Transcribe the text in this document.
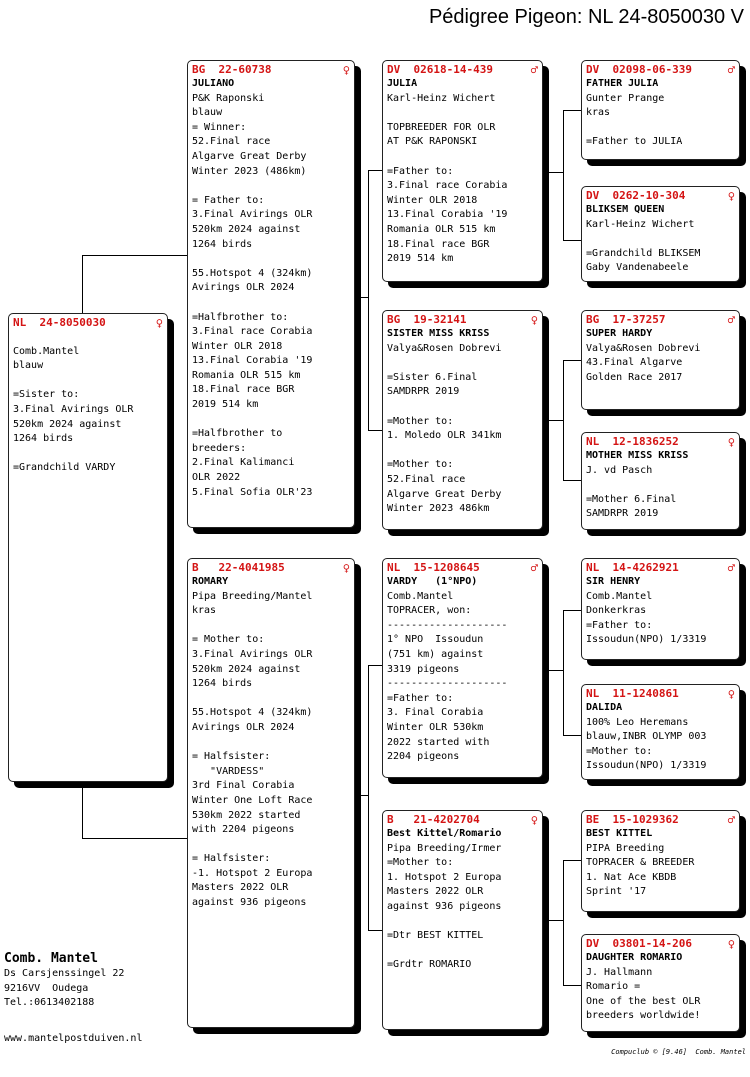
Pédigree Pigeon: NL 24-8050030 V
NL  24-8050030	♀
Comb.Mantel
blauw
=Sister to:
3.Final Avirings OLR
520km 2024 against
1264 birds
=Grandchild VARDY
BG  22-60738	♀
JULIANO
P&K Raponski
blauw
= Winner:
52.Final race
Algarve Great Derby
Winter 2023 (486km)
= Father to:
3.Final Avirings OLR
520km 2024 against
1264 birds
55.Hotspot 4 (324km)
Avirings OLR 2024
=Halfbrother to:
3.Final race Corabia
Winter OLR 2018
13.Final Corabia '19
Romania OLR 515 km
18.Final race BGR
2019 514 km
=Halfbrother to
breeders:
2.Final Kalimanci
OLR 2022
5.Final Sofia OLR'23
B   22-4041985	♀
ROMARY
Pipa Breeding/Mantel
kras
= Mother to:
3.Final Avirings OLR
520km 2024 against
1264 birds
55.Hotspot 4 (324km)
Avirings OLR 2024
= Halfsister:
"VARDESS"
3rd Final Corabia
Winter One Loft Race
530km 2022 started
with 2204 pigeons
= Halfsister:
-1. Hotspot 2 Europa
Masters 2022 OLR
against 936 pigeons
DV  02618-14-439	♂
JULIA
Karl-Heinz Wichert
TOPBREEDER FOR OLR
AT P&K RAPONSKI
=Father to:
3.Final race Corabia
Winter OLR 2018
13.Final Corabia '19
Romania OLR 515 km
18.Final race BGR
2019 514 km
BG  19-32141	♀
SISTER MISS KRISS
Valya&Rosen Dobrevi
=Sister 6.Final
SAMDRPR 2019
=Mother to:
1. Moledo OLR 341km
=Mother to:
52.Final race
Algarve Great Derby
Winter 2023 486km
NL  15-1208645	♂
VARDY   (1°NPO)
Comb.Mantel
TOPRACER, won:
--------------------
1° NPO  Issoudun
(751 km) against
3319 pigeons
--------------------
=Father to:
3. Final Corabia
Winter OLR 530km
2022 started with
2204 pigeons
B   21-4202704	♀
Best Kittel/Romario
Pipa Breeding/Irmer
=Mother to:
1. Hotspot 2 Europa
Masters 2022 OLR
against 936 pigeons
=Dtr BEST KITTEL
=Grdtr ROMARIO
DV  02098-06-339	♂
FATHER JULIA
Gunter Prange
kras
=Father to JULIA
DV  0262-10-304	♀
BLIKSEM QUEEN
Karl-Heinz Wichert
=Grandchild BLIKSEM
Gaby Vandenabeele
BG  17-37257	♂
SUPER HARDY
Valya&Rosen Dobrevi
43.Final Algarve
Golden Race 2017
NL  12-1836252	♀
MOTHER MISS KRISS
J. vd Pasch
=Mother 6.Final
SAMDRPR 2019
NL  14-4262921	♂
SIR HENRY
Comb.Mantel
Donkerkras
=Father to:
Issoudun(NPO) 1/3319
NL  11-1240861	♀
DALIDA
100% Leo Heremans
blauw,INBR OLYMP 003
=Mother to:
Issoudun(NPO) 1/3319
BE  15-1029362	♂
BEST KITTEL
PIPA Breeding
TOPRACER & BREEDER
1. Nat Ace KBDB
Sprint '17
DV  03801-14-206	♀
DAUGHTER ROMARIO
J. Hallmann
Romario =
One of the best OLR
breeders worldwide!
Comb. Mantel
Ds Carsjenssingel 22
9216VV  Oudega
Tel.:0613402188
www.mantelpostduiven.nl
Compuclub © [9.46]  Comb. Mantel
